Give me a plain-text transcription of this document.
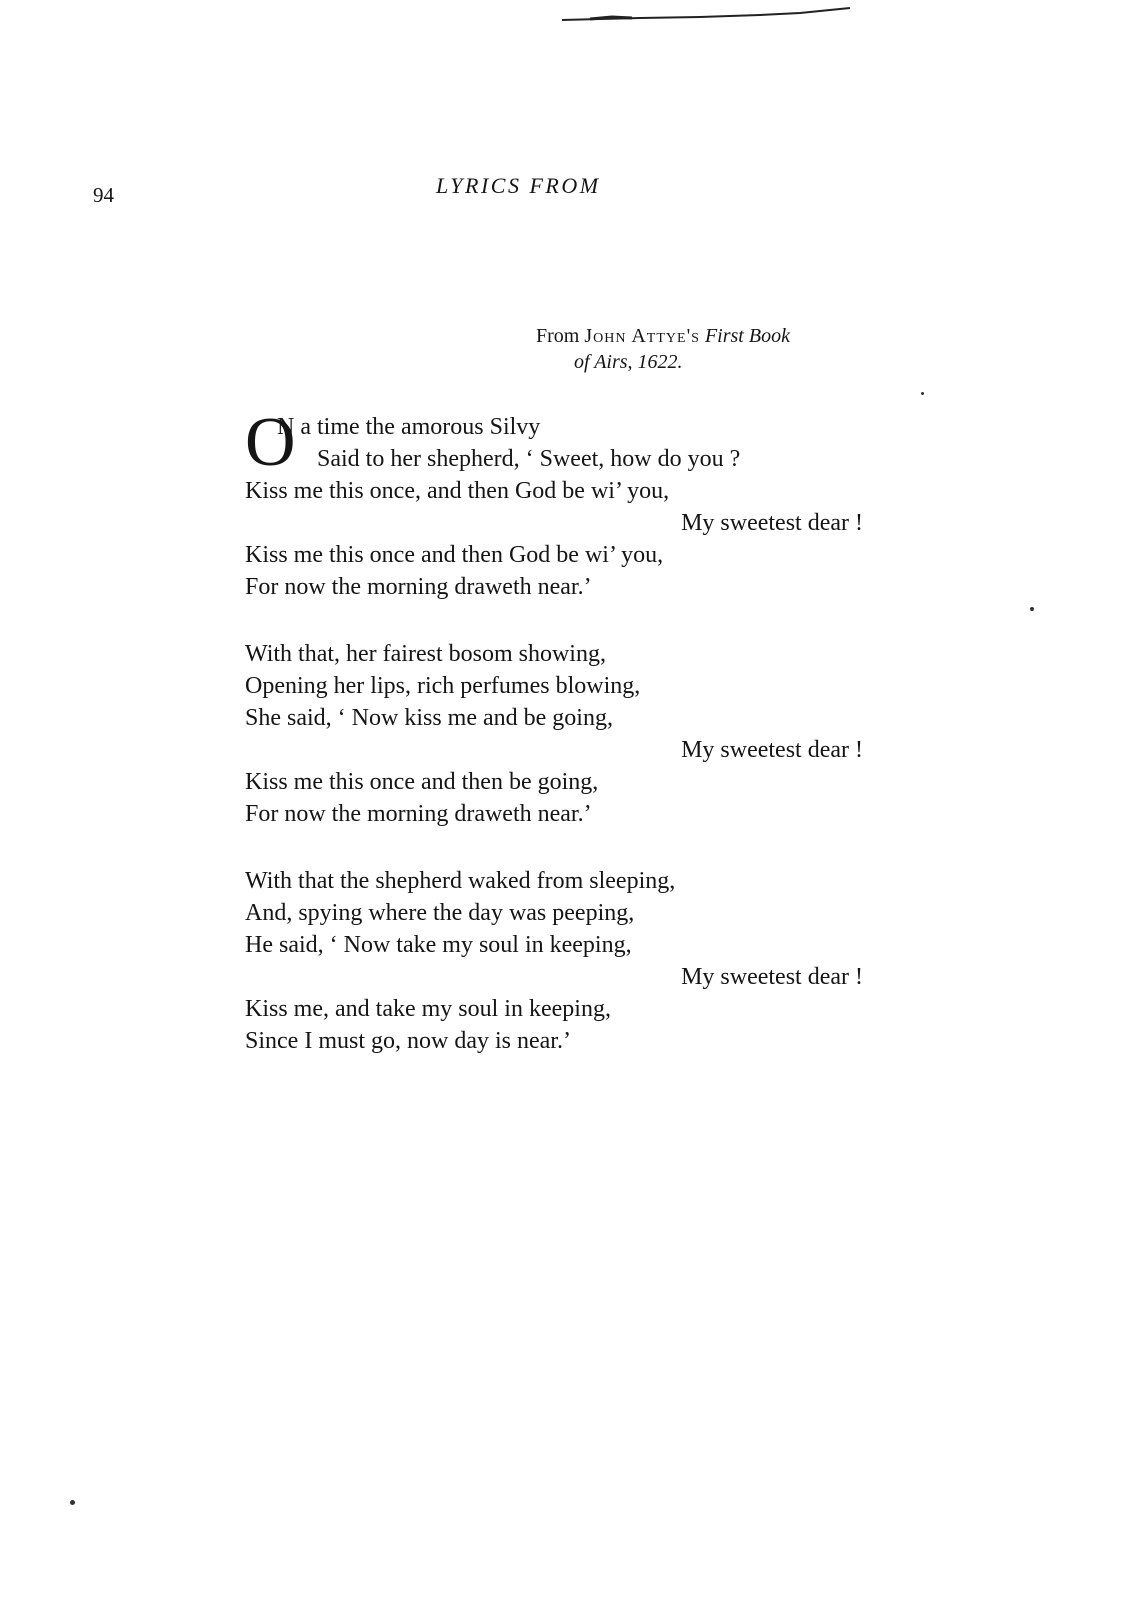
94	LYRICS FROM
From John Attye's First Book
of Airs, 1622.
O
N a time the amorous Silvy
Said to her shepherd, ‘ Sweet, how do you ?
Kiss me this once, and then God be wi’ you,
My sweetest dear !
Kiss me this once and then God be wi’ you,
For now the morning draweth near.’
With that, her fairest bosom showing,
Opening her lips, rich perfumes blowing,
She said, ‘ Now kiss me and be going,
My sweetest dear !
Kiss me this once and then be going,
For now the morning draweth near.’
With that the shepherd waked from sleeping,
And, spying where the day was peeping,
He said, ‘ Now take my soul in keeping,
My sweetest dear !
Kiss me, and take my soul in keeping,
Since I must go, now day is near.’
